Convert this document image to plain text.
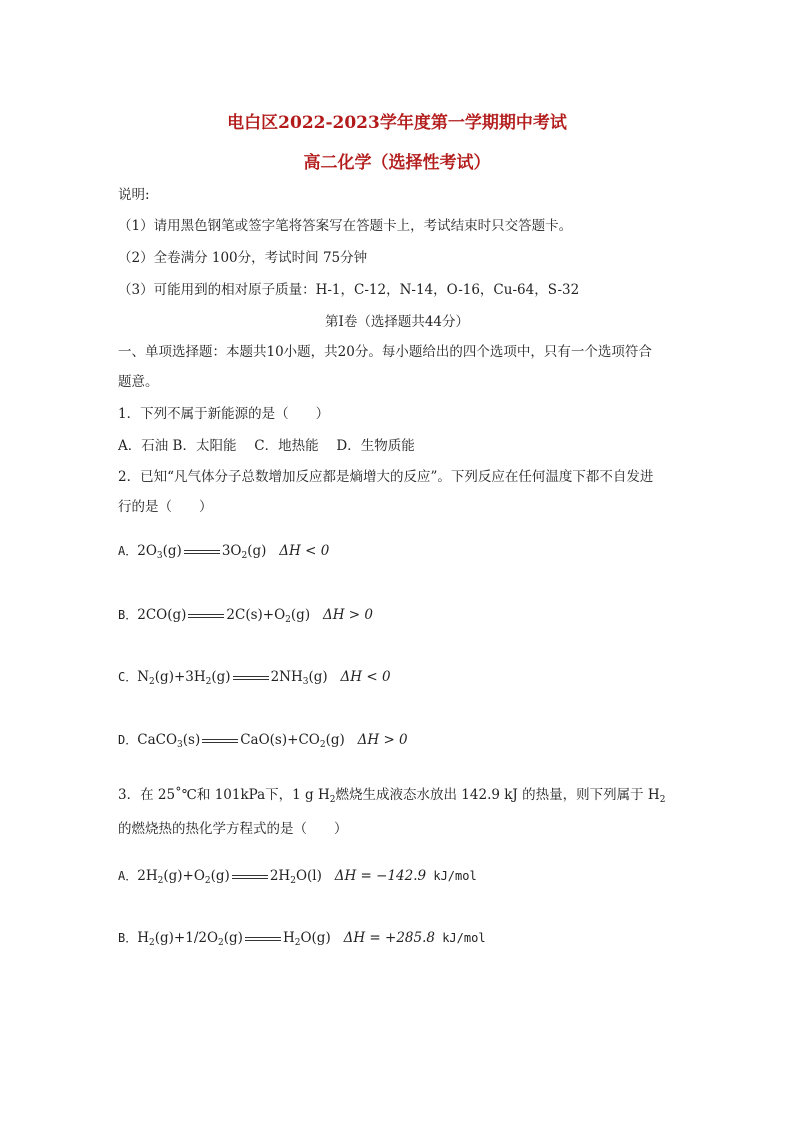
电白区2022-2023学年度第一学期期中考试
高二化学（选择性考试）
说明:
（1）请用黑色钢笔或签字笔将答案写在答题卡上，考试结束时只交答题卡。
（2）全卷满分 100分，考试时间 75分钟
（3）可能用到的相对原子质量：H-1，C-12，N-14，O-16，Cu-64，S-32
第Ⅰ卷（选择题共44分）
一、单项选择题：本题共10小题，共20分。每小题给出的四个选项中，只有一个选项符合
题意。
1．下列不属于新能源的是（　　）
A．石油 B．太阳能　 C．地热能　 D．生物质能
2．已知“凡气体分子总数增加反应都是熵增大的反应”。下列反应在任何温度下都不自发进
行的是（　　）
A．$2O_3(g)$	$3O_2(g) \Delta H < 0$
B．2CO(g)	$2C(s)+O_2(g) \Delta H > 0$
C．$N_2(g)+3H_2(g)$	$2NH_3(g) \Delta H < 0$
D．CaCO$_3$(s)	$CaO(s)+CO_2(g) \Delta H > 0$
3．在 25˚℃和 101kPa下，1 g $H_2$燃烧生成液态水放出 142.9 kJ 的热量，则下列属于 $H_2$
的燃烧热的热化学方程式的是（　　）
A．$2H_2(g)+O_2(g)$	$2H_2O(l) \Delta H = -142.9$ kJ/mol
B．$H_2(g)+1/2O_2(g)$	$H_2O(g) \Delta H = +285.8$ kJ/mol
